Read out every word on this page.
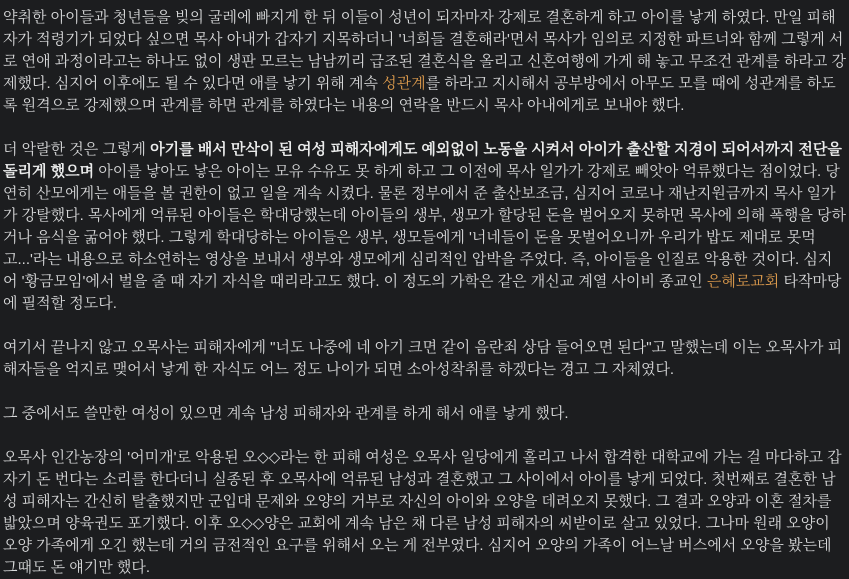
약취한 아이들과 청년들을 빚의 굴레에 빠지게 한 뒤 이들이 성년이 되자마자 강제로 결혼하게 하고 아이를 낳게 하였다. 만일 피해자가 적령기가 되었다 싶으면 목사 아내가 갑자기 지목하더니 '너희들 결혼해라'면서 목사가 임의로 지정한 파트너와 함께 그렇게 서로 연애 과정이라고는 하나도 없이 생판 모르는 남남끼리 급조된 결혼식을 올리고 신혼여행에 가게 해 놓고 무조건 관계를 하라고 강제했다. 심지어 이후에도 될 수 있다면 애를 낳기 위해 계속 성관계를 하라고 지시해서 공부방에서 아무도 모를 때에 성관계를 하도록 원격으로 강제했으며 관계를 하면 관계를 하였다는 내용의 연락을 반드시 목사 아내에게로 보내야 했다.

더 악랄한 것은 그렇게 아기를 배서 만삭이 된 여성 피해자에게도 예외없이 노동을 시켜서 아이가 출산할 지경이 되어서까지 전단을 돌리게 했으며 아이를 낳아도 낳은 아이는 모유 수유도 못 하게 하고 그 이전에 목사 일가가 강제로 빼앗아 억류했다는 점이었다. 당연히 산모에게는 애들을 볼 권한이 없고 일을 계속 시켰다. 물론 정부에서 준 출산보조금, 심지어 코로나 재난지원금까지 목사 일가가 강탈했다. 목사에게 억류된 아이들은 학대당했는데 아이들의 생부, 생모가 할당된 돈을 벌어오지 못하면 목사에 의해 폭행을 당하거나 음식을 굶어야 했다. 그렇게 학대당하는 아이들은 생부, 생모들에게 '너네들이 돈을 못벌어오니까 우리가 밥도 제대로 못먹고...'라는 내용으로 하소연하는 영상을 보내서 생부와 생모에게 심리적인 압박을 주었다. 즉, 아이들을 인질로 악용한 것이다. 심지어 '황금모임'에서 벌을 줄 때 자기 자식을 때리라고도 했다. 이 정도의 가학은 같은 개신교 계열 사이비 종교인 은혜로교회 타작마당에 필적할 정도다.

여기서 끝나지 않고 오목사는 피해자에게 "너도 나중에 네 아기 크면 같이 음란죄 상담 들어오면 된다"고 말했는데 이는 오목사가 피해자들을 억지로 맺어서 낳게 한 자식도 어느 정도 나이가 되면 소아성착취를 하겠다는 경고 그 자체였다.

그 중에서도 쓸만한 여성이 있으면 계속 남성 피해자와 관계를 하게 해서 애를 낳게 했다.

오목사 인간농장의 '어미개'로 악용된 오◇◇라는 한 피해 여성은 오목사 일당에게 홀리고 나서 합격한 대학교에 가는 걸 마다하고 갑자기 돈 번다는 소리를 한다더니 실종된 후 오목사에 억류된 남성과 결혼했고 그 사이에서 아이를 낳게 되었다. 첫번째로 결혼한 남성 피해자는 간신히 탈출했지만 군입대 문제와 오양의 거부로 자신의 아이와 오양을 데려오지 못했다. 그 결과 오양과 이혼 절차를 밟았으며 양육권도 포기했다. 이후 오◇◇양은 교회에 계속 남은 채 다른 남성 피해자의 씨받이로 살고 있었다. 그나마 원래 오양이 오양 가족에게 오긴 했는데 거의 금전적인 요구를 위해서 오는 게 전부였다. 심지어 오양의 가족이 어느날 버스에서 오양을 봤는데 그때도 돈 얘기만 했다.
